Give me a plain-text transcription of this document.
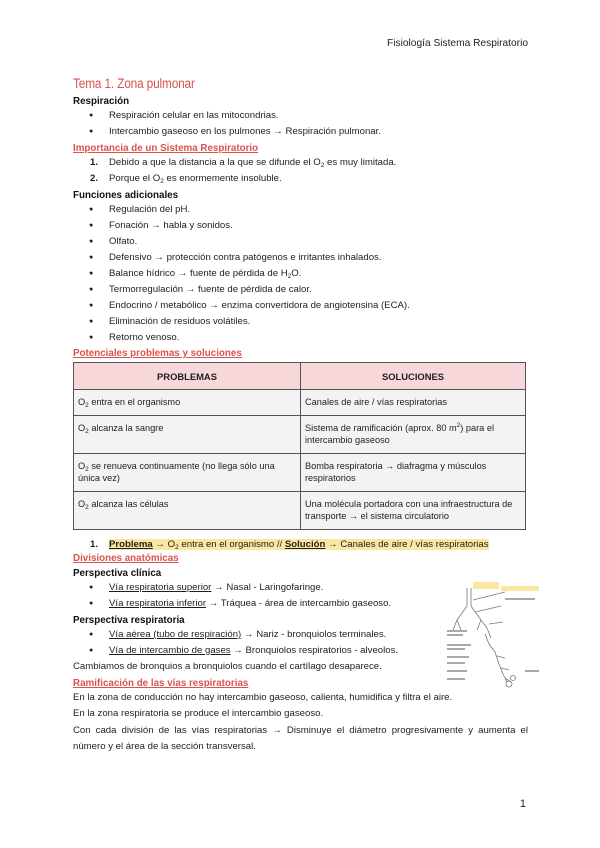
Fisiología Sistema Respiratorio
Tema 1. Zona pulmonar
Respiración
● Respiración celular en las mitocondrias.
● Intercambio gaseoso en los pulmones → Respiración pulmonar.
Importancia de un Sistema Respiratorio
1. Debido a que la distancia a la que se difunde el $O_2$ es muy limitada.
2. Porque el $O_2$ es enormemente insoluble.
Funciones adicionales
● Regulación del pH.
● Fonación → habla y sonidos.
● Olfato.
● Defensivo → protección contra patógenos e irritantes inhalados.
● Balance hídrico → fuente de pérdida de $H_2O$.
● Termorregulación → fuente de pérdida de calor.
● Endocrino / metabólico → enzima convertidora de angiotensina (ECA).
● Eliminación de residuos volátiles.
● Retorno venoso.
Potenciales problemas y soluciones
PROBLEMAS	SOLUCIONES
$O_2$ entra en el organismo	Canales de aire / vías respiratorias
$O_2$ alcanza la sangre	Sistema de ramificación (aprox. 80 $m^2$) para el intercambio gaseoso
$O_2$ se renueva continuamente (no llega sólo una única vez)	Bomba respiratoria → diafragma y músculos respiratorios
$O_2$ alcanza las células	Una molécula portadora con una infraestructura de transporte → el sistema circulatorio
1. Problema → $O_2$ entra en el organismo // Solución → Canales de aire / vías respiratorias
Divisiones anatómicas
Perspectiva clínica
● Vía respiratoria superior → Nasal - Laringofaringe.
● Vía respiratoria inferior → Tráquea - área de intercambio gaseoso.
Perspectiva respiratoria
● Vía aérea (tubo de respiración) → Nariz - bronquiolos terminales.
● Vía de intercambio de gases → Bronquiolos respiratorios - alveolos.
Cambiamos de bronquios a bronquiolos cuando el cartílago desaparece.
Ramificación de las vías respiratorias
En la zona de conducción no hay intercambio gaseoso, calienta, humidifica y filtra el aire.
En la zona respiratoria se produce el intercambio gaseoso.
Con cada división de las vías respiratorias → Disminuye el diámetro progresivamente y aumenta el número y el área de la sección transversal.
1
